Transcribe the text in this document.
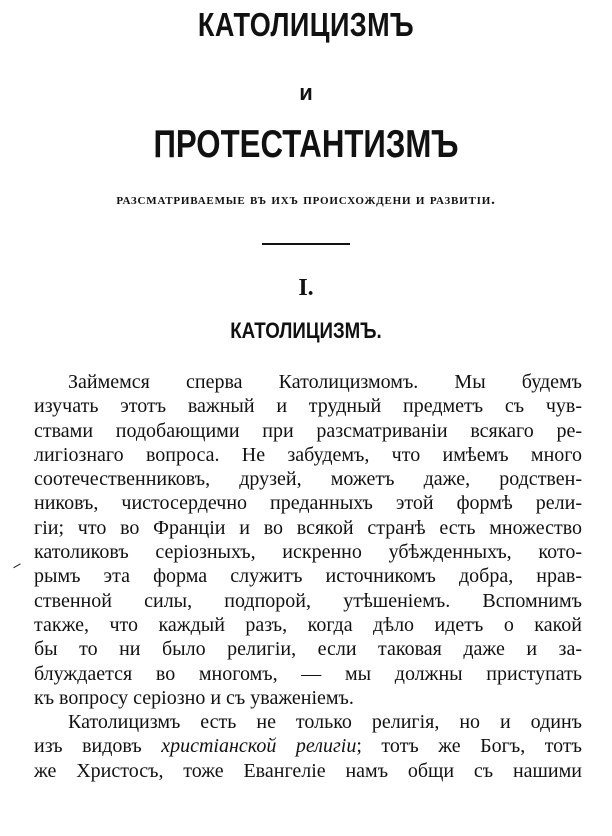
КАТОЛИЦИЗМЪ
и
ПРОТЕСТАНТИЗМЪ
разсматриваемые въ ихъ происхождени и развитіи.
I.
КАТОЛИЦИЗМЪ.
Займемся сперва Католицизмомъ. Мы будемъ
изучать этотъ важный и трудный предметъ съ чув-
ствами подобающими при разсматриванiи всякаго ре-
лигiознаго вопроса. Не забудемъ, что имѣемъ много
соотечественниковъ, друзей, можетъ даже, родствен-
никовъ, чистосердечно преданныхъ этой формѣ рели-
гiи; что во Францiи и во всякой странѣ есть множество
католиковъ серiозныхъ, искренно убѣжденныхъ, кото-
рымъ эта форма служитъ источникомъ добра, нрав-
ственной силы, подпорой, утѣшенiемъ. Вспомнимъ
также, что каждый разъ, когда дѣло идетъ о какой
бы то ни было религiи, если таковая даже и за-
блуждается во многомъ, — мы должны приступать
къ вопросу серiозно и съ уваженiемъ.
Католицизмъ есть не только религiя, но и одинъ
изъ видовъ христiанской религiи; тотъ же Богъ, тотъ
же Христосъ, тоже Евангелiе намъ общи съ нашими
